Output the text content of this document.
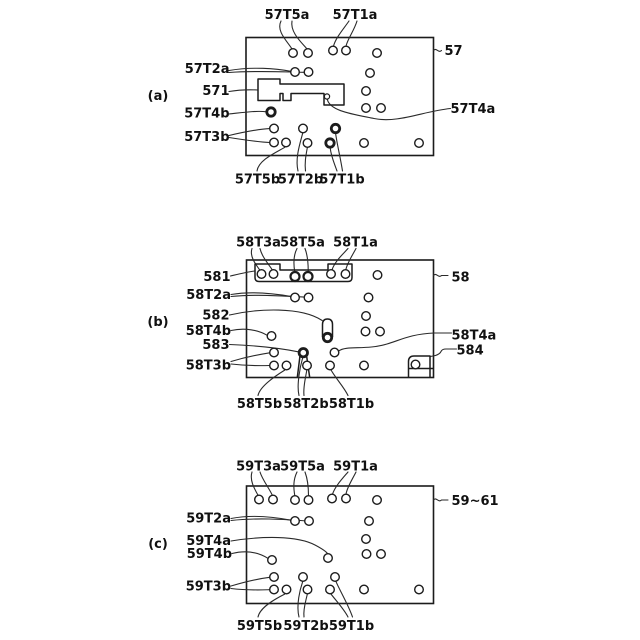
(a)
57T5a 57T1a
57
57T2a
571
57T4b
57T3b
57T4a
57T5b
57T2b
57T1b
(b)
58T3a 58T5a 58T1a
581
58T2a
582
58T4b
583
58T3b
58
58T4a
584
58T5b 58T2b 58T1b
(c)
59T3a 59T5a 59T1a
59~61
59T2a
59T4a
59T4b
59T3b
59T5b 59T2b 59T1b
